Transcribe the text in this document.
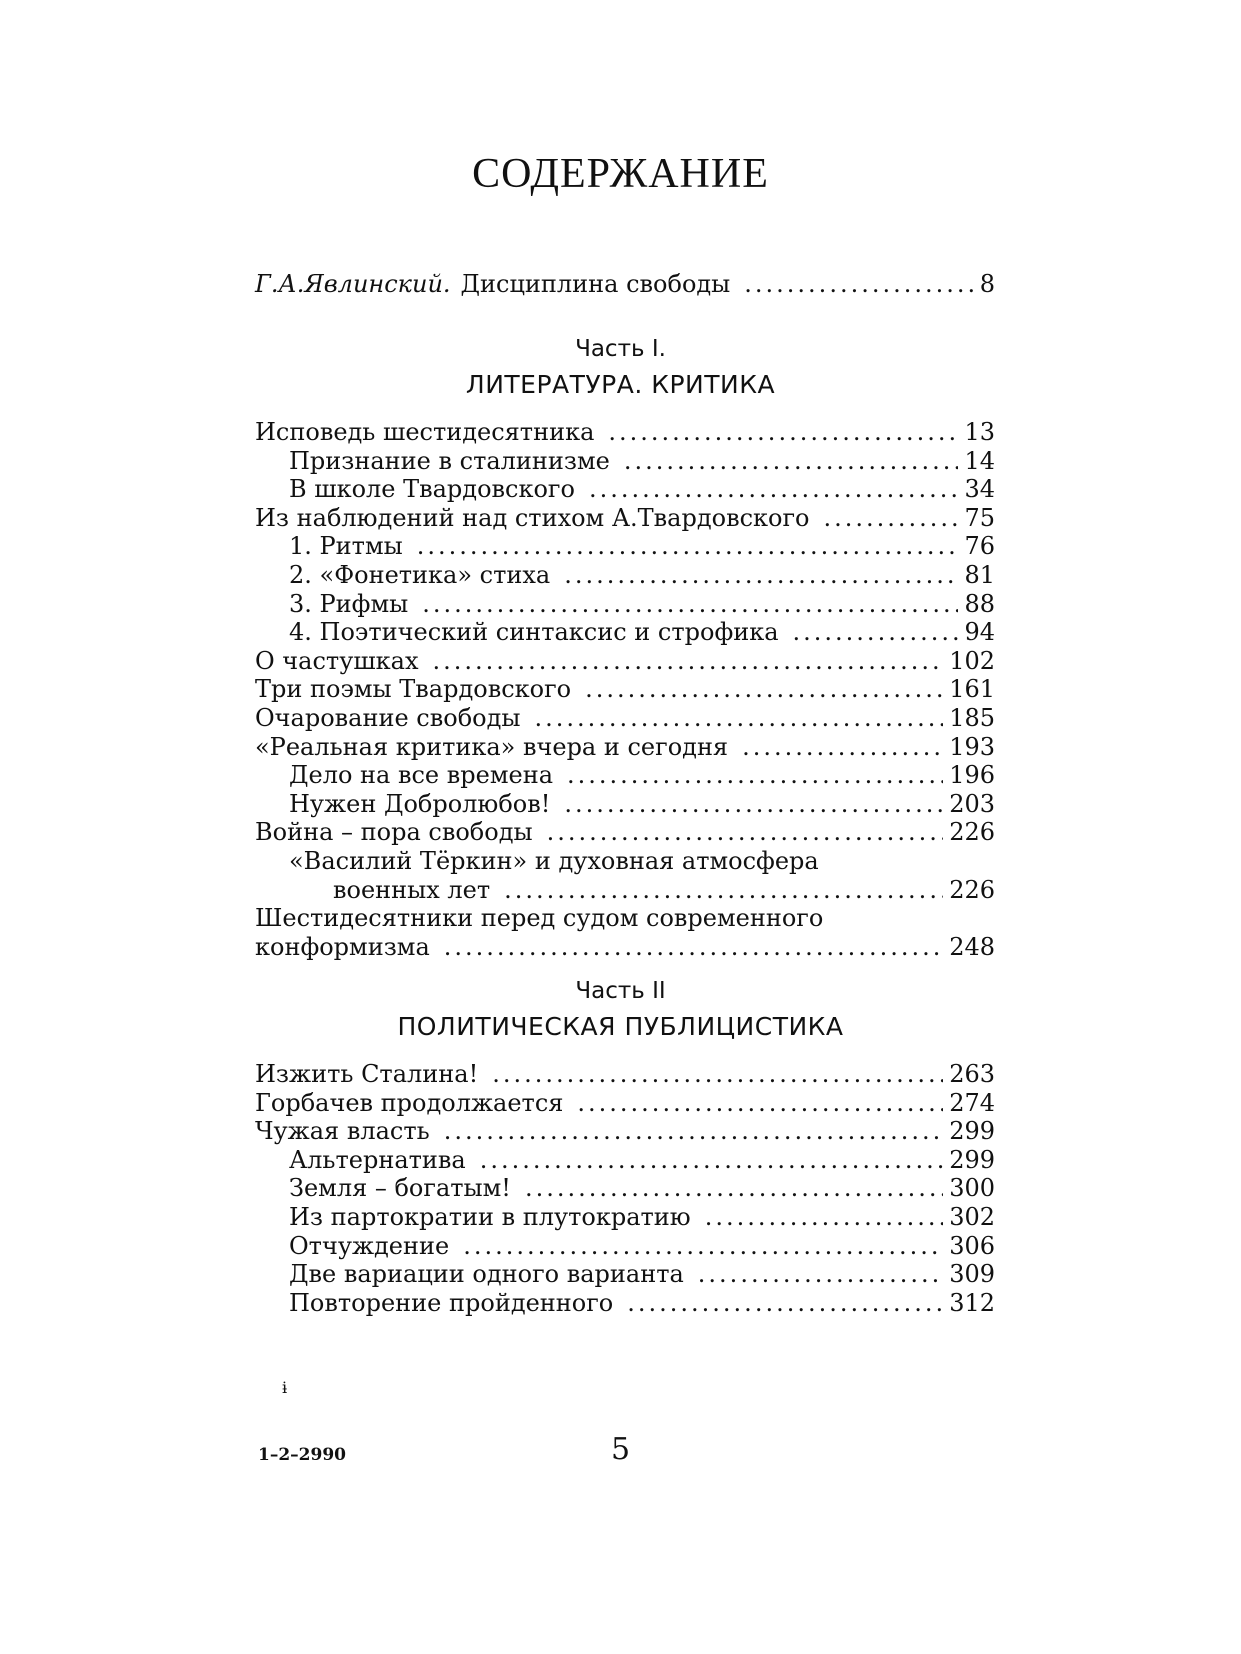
СОДЕРЖАНИЕ
Г.А.Явлинский. Дисциплина свободы .....	8
Часть I.
ЛИТЕРАТУРА. КРИТИКА
Исповедь шестидесятника .....	13
Признание в сталинизме .....	14
В школе Твардовского .....	34
Из наблюдений над стихом А.Твардовского .....	75
1. Ритмы .....	76
2. «Фонетика» стиха .....	81
3. Рифмы .....	88
4. Поэтический синтаксис и строфика .....	94
О частушках .....	102
Три поэмы Твардовского .....	161
Очарование свободы .....	185
«Реальная критика» вчера и сегодня .....	193
Дело на все времена .....	196
Нужен Добролюбов! .....	203
Война – пора свободы .....	226
«Василий Тёркин» и духовная атмосфера
военных лет .....	226
Шестидесятники перед судом современного
конформизма .....	248
Часть II
ПОЛИТИЧЕСКАЯ ПУБЛИЦИСТИКА
Изжить Сталина! .....	263
Горбачев продолжается .....	274
Чужая власть .....	299
Альтернатива .....	299
Земля – богатым! .....	300
Из партократии в плутократию .....	302
Отчуждение .....	306
Две вариации одного варианта .....	309
Повторение пройденного .....	312
ɨ
1–2–2990	5
